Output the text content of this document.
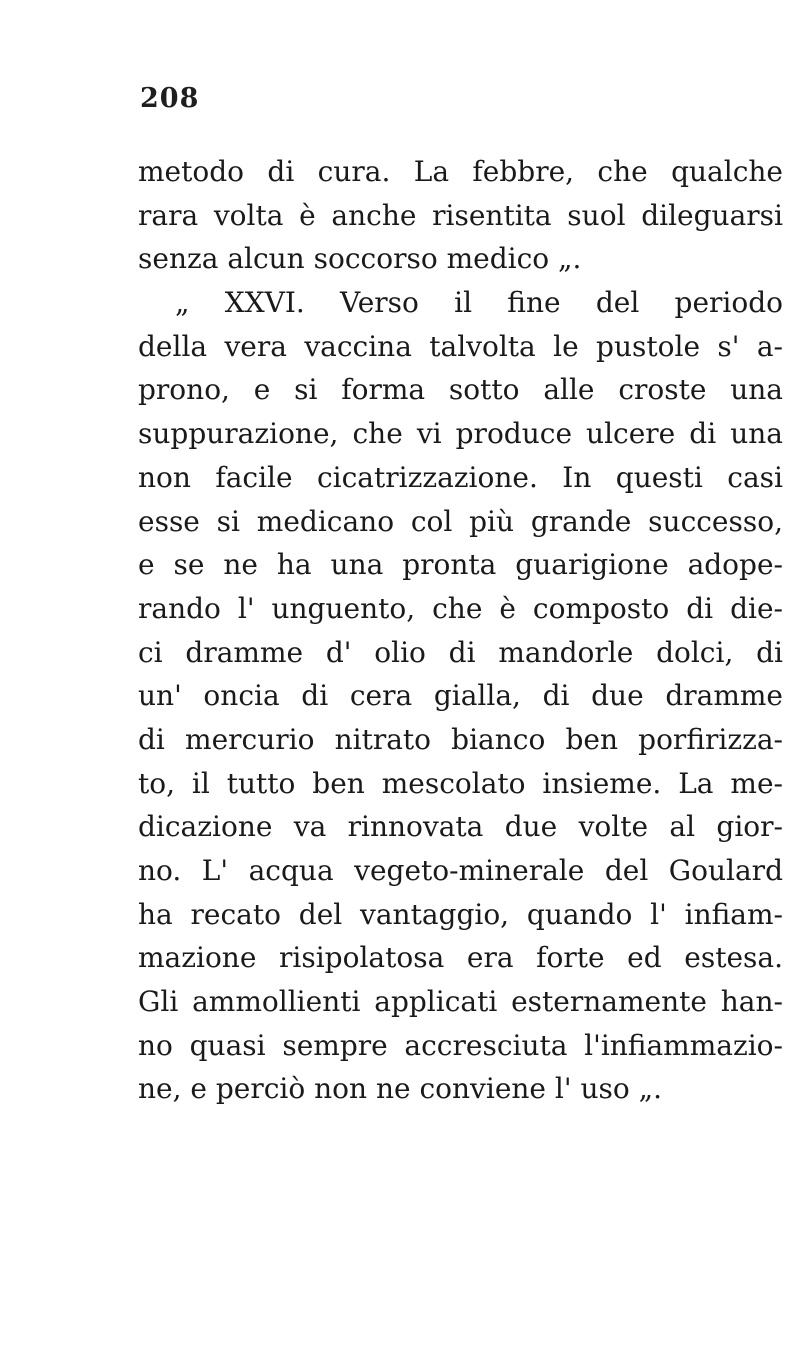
208
metodo di cura. La febbre, che qualche
rara volta è anche risentita suol dileguarsi
senza alcun soccorso medico „.
„ XXVI. Verso il fine del periodo
della vera vaccina talvolta le pustole s' a-
prono, e si forma sotto alle croste una
suppurazione, che vi produce ulcere di una
non facile cicatrizzazione. In questi casi
esse si medicano col più grande successo,
e se ne ha una pronta guarigione adope-
rando l' unguento, che è composto di die-
ci dramme d' olio di mandorle dolci, di
un' oncia di cera gialla, di due dramme
di mercurio nitrato bianco ben porfirizza-
to, il tutto ben mescolato insieme. La me-
dicazione va rinnovata due volte al gior-
no. L' acqua vegeto-minerale del Goulard
ha recato del vantaggio, quando l' infiam-
mazione risipolatosa era forte ed estesa.
Gli ammollienti applicati esternamente han-
no quasi sempre accresciuta l'infiammazio-
ne, e perciò non ne conviene l' uso „.
